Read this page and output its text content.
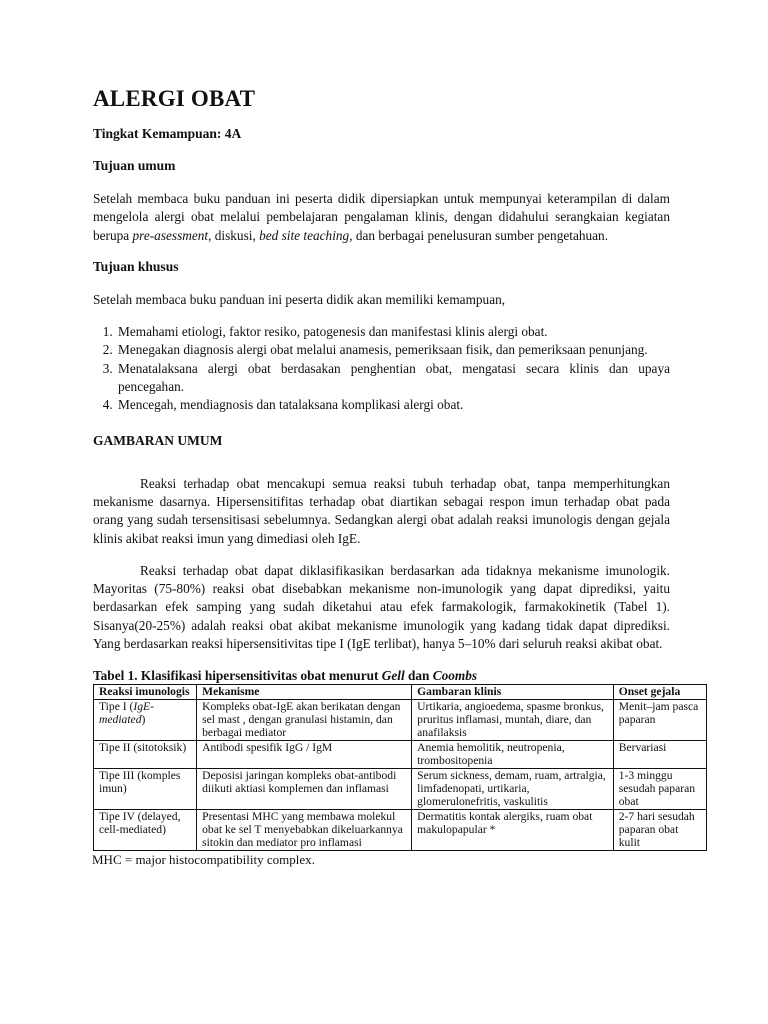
ALERGI OBAT
Tingkat Kemampuan: 4A
Tujuan umum

Setelah membaca buku panduan ini peserta didik dipersiapkan untuk mempunyai keterampilan di dalam mengelola alergi obat melalui pembelajaran pengalaman klinis, dengan didahului serangkaian kegiatan berupa pre-asessment, diskusi, bed site teaching, dan berbagai penelusuran sumber pengetahuan.

Tujuan khusus

Setelah membaca buku panduan ini peserta didik akan memiliki kemampuan,

1. Memahami etiologi, faktor resiko, patogenesis dan manifestasi klinis alergi obat.
2. Menegakan diagnosis alergi obat melalui anamesis, pemeriksaan fisik, dan pemeriksaan penunjang.
3. Menatalaksana alergi obat berdasakan penghentian obat, mengatasi secara klinis dan upaya pencegahan.
4. Mencegah, mendiagnosis dan tatalaksana komplikasi alergi obat.
GAMBARAN UMUM

Reaksi terhadap obat mencakupi semua reaksi tubuh terhadap obat, tanpa memperhitungkan mekanisme dasarnya. Hipersensitifitas terhadap obat diartikan sebagai respon imun terhadap obat pada orang yang sudah tersensitisasi sebelumnya. Sedangkan alergi obat adalah reaksi imunologis dengan gejala klinis akibat reaksi imun yang dimediasi oleh IgE.

Reaksi terhadap obat dapat diklasifikasikan berdasarkan ada tidaknya mekanisme imunologik. Mayoritas (75-80%) reaksi obat disebabkan mekanisme non-imunologik yang dapat diprediksi, yaitu berdasarkan efek samping yang sudah diketahui atau efek farmakologik, farmakokinetik (Tabel 1). Sisanya(20-25%) adalah reaksi obat akibat mekanisme imunologik yang kadang tidak dapat diprediksi. Yang berdasarkan reaksi hipersensitivitas tipe I (IgE terlibat), hanya 5–10% dari seluruh reaksi akibat obat.

Tabel 1. Klasifikasi hipersensitivitas obat menurut Gell dan Coombs
Reaksi imunologis	Mekanisme	Gambaran klinis	Onset gejala
Tipe I (IgE-mediated)	Kompleks obat-IgE akan berikatan dengan sel mast , dengan granulasi histamin, dan berbagai mediator	Urtikaria, angioedema, spasme bronkus, pruritus inflamasi, muntah, diare, dan anafilaksis	Menit–jam pasca paparan
Tipe II (sitotoksik)	Antibodi spesifik IgG / IgM	Anemia hemolitik, neutropenia, trombositopenia	Bervariasi
Tipe III (komples imun)	Deposisi jaringan kompleks obat-antibodi diikuti aktiasi komplemen dan inflamasi	Serum sickness, demam, ruam, artralgia, limfadenopati, urtikaria, glomerulonefritis, vaskulitis	1-3 minggu sesudah paparan obat
Tipe IV (delayed, cell-mediated)	Presentasi MHC yang membawa molekul obat ke sel T menyebabkan dikeluarkannya sitokin dan mediator pro inflamasi	Dermatitis kontak alergiks, ruam obat makulopapular *	2-7 hari sesudah paparan obat kulit
MHC = major histocompatibility complex.
